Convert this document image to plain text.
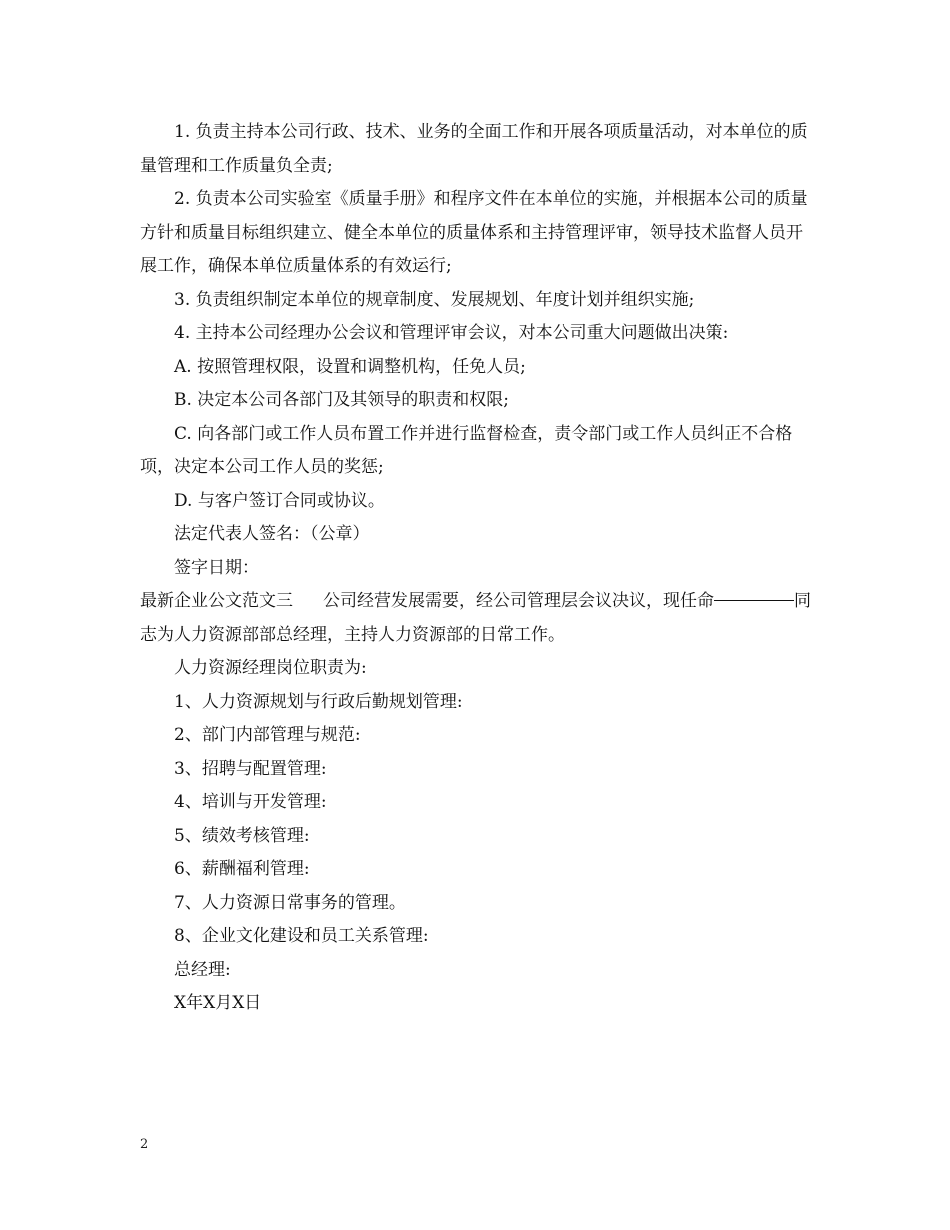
1. 负责主持本公司行政、技术、业务的全面工作和开展各项质量活动，对本单位的质量管理和工作质量负全责;

2. 负责本公司实验室《质量手册》和程序文件在本单位的实施，并根据本公司的质量方针和质量目标组织建立、健全本单位的质量体系和主持管理评审，领导技术监督人员开展工作，确保本单位质量体系的有效运行;

3. 负责组织制定本单位的规章制度、发展规划、年度计划并组织实施;

4. 主持本公司经理办公会议和管理评审会议，对本公司重大问题做出决策:

A. 按照管理权限，设置和调整机构，任免人员;

B. 决定本公司各部门及其领导的职责和权限;

C. 向各部门或工作人员布置工作并进行监督检查，责令部门或工作人员纠正不合格项，决定本公司工作人员的奖惩;

D. 与客户签订合同或协议。

法定代表人签名：（公章）

签字日期：

最新企业公文范文三 公司经营发展需要，经公司管理层会议决议，现任命	同志为人力资源部部总经理，主持人力资源部的日常工作。

人力资源经理岗位职责为:

1、人力资源规划与行政后勤规划管理:

2、部门内部管理与规范:

3、招聘与配置管理:

4、培训与开发管理:

5、绩效考核管理:

6、薪酬福利管理:

7、人力资源日常事务的管理。

8、企业文化建设和员工关系管理:

总经理:

X年X月X日

2
